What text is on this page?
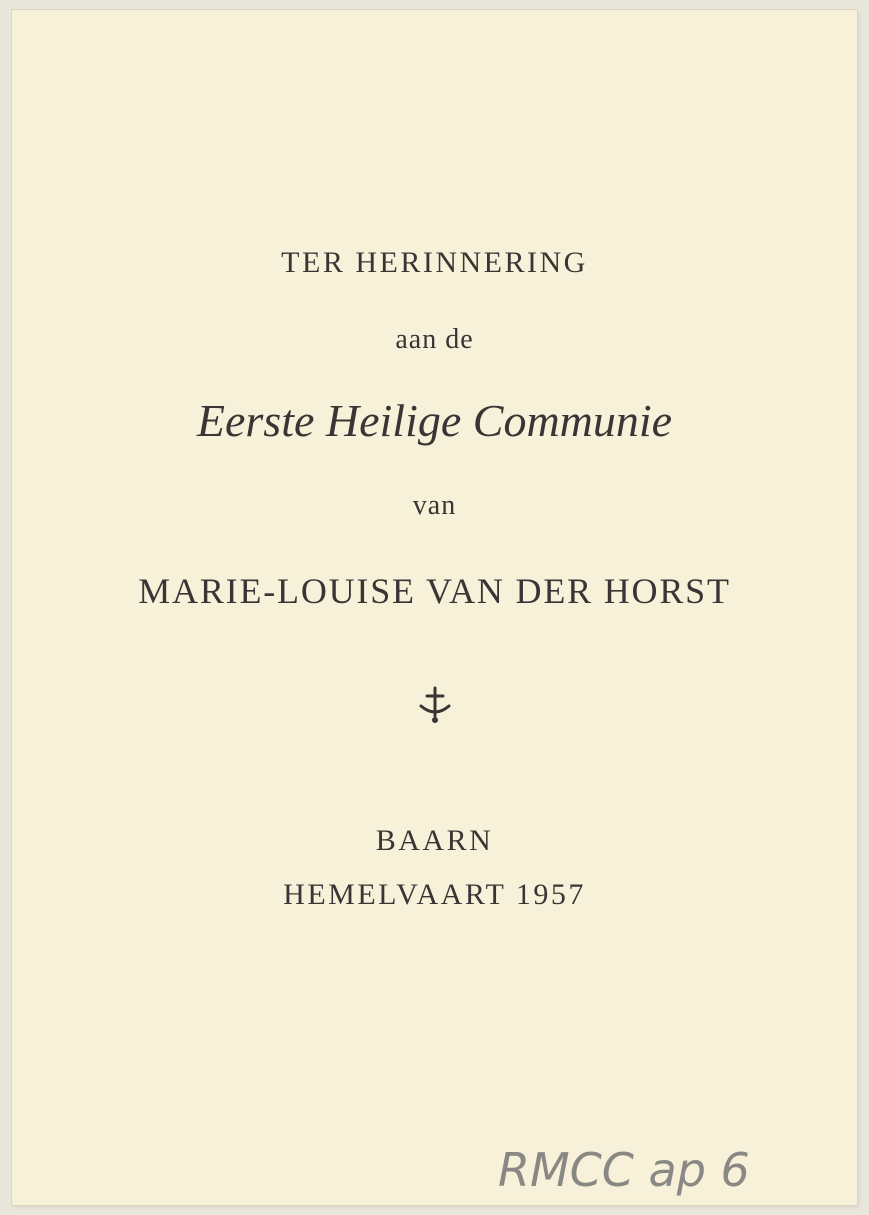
TER HERINNERING
aan de
Eerste Heilige Communie
van
MARIE-LOUISE VAN DER HORST
BAARN
HEMELVAART 1957
RMCC ap 6
